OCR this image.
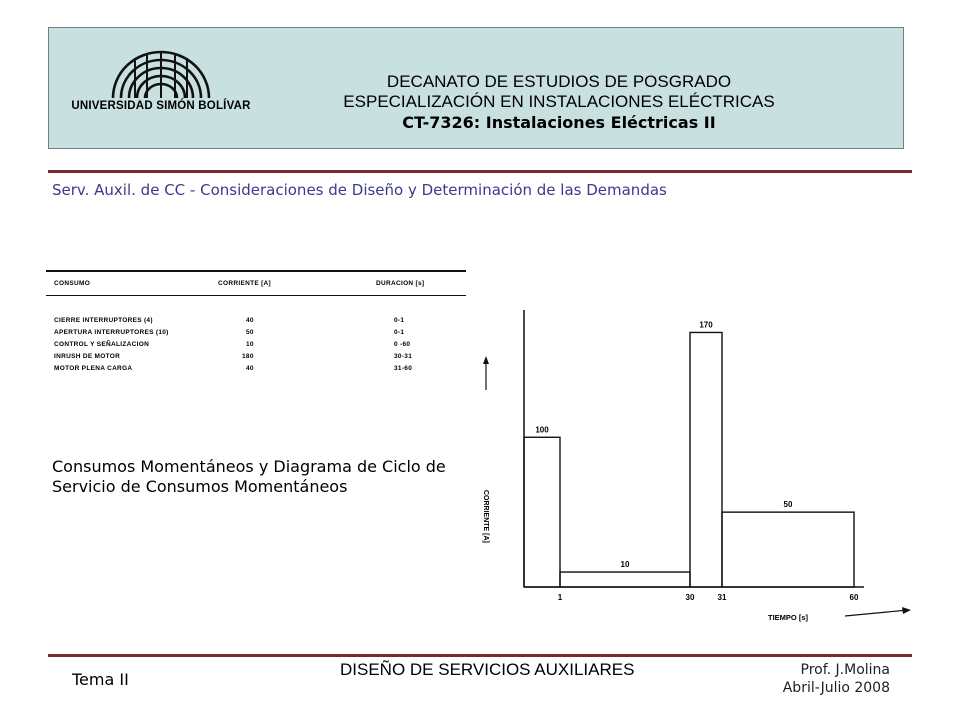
UNIVERSIDAD SIMÓN BOLÍVAR
DECANATO DE ESTUDIOS DE POSGRADO
ESPECIALIZACIÓN EN INSTALACIONES ELÉCTRICAS
CT-7326: Instalaciones Eléctricas II
Serv. Auxil. de CC - Consideraciones de Diseño y Determinación de las Demandas
CONSUMO	CORRIENTE [A]	DURACION [s]
CIERRE INTERRUPTORES (4)	40	0-1
APERTURA INTERRUPTORES (10)	50	0-1
CONTROL Y SEÑALIZACION	10	0 -60
INRUSH DE MOTOR	180	30-31
MOTOR PLENA CARGA	40	31-60
Consumos Momentáneos y Diagrama de Ciclo de Servicio de Consumos Momentáneos
100
10
170
50
1	30	31	60
CORRIENTE [A]
TIEMPO [s]
Tema II
DISEÑO DE SERVICIOS AUXILIARES	Prof. J.Molina
Abril-Julio 2008
